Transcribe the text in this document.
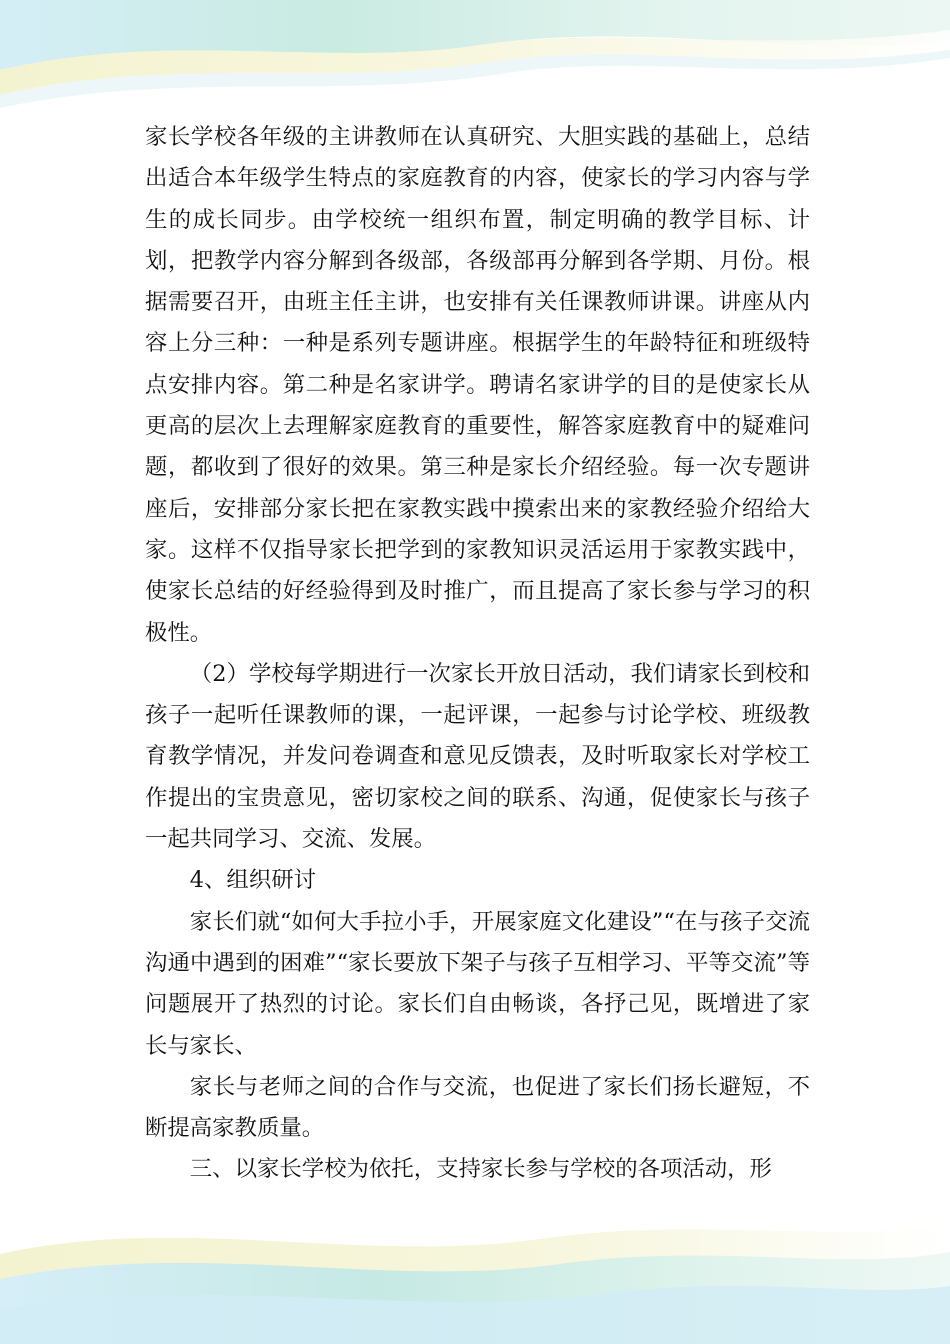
家长学校各年级的主讲教师在认真研究、大胆实践的基础上，总结出适合本年级学生特点的家庭教育的内容，使家长的学习内容与学生的成长同步。由学校统一组织布置，制定明确的教学目标、计划，把教学内容分解到各级部，各级部再分解到各学期、月份。根据需要召开，由班主任主讲，也安排有关任课教师讲课。讲座从内容上分三种：一种是系列专题讲座。根据学生的年龄特征和班级特点安排内容。第二种是名家讲学。聘请名家讲学的目的是使家长从更高的层次上去理解家庭教育的重要性，解答家庭教育中的疑难问题，都收到了很好的效果。第三种是家长介绍经验。每一次专题讲座后，安排部分家长把在家教实践中摸索出来的家教经验介绍给大家。这样不仅指导家长把学到的家教知识灵活运用于家教实践中，使家长总结的好经验得到及时推广，而且提高了家长参与学习的积极性。

（2）学校每学期进行一次家长开放日活动，我们请家长到校和孩子一起听任课教师的课，一起评课，一起参与讨论学校、班级教育教学情况，并发问卷调查和意见反馈表，及时听取家长对学校工作提出的宝贵意见，密切家校之间的联系、沟通，促使家长与孩子一起共同学习、交流、发展。

4、组织研讨

家长们就“如何大手拉小手，开展家庭文化建设”“在与孩子交流沟通中遇到的困难”“家长要放下架子与孩子互相学习、平等交流”等问题展开了热烈的讨论。家长们自由畅谈，各抒己见，既增进了家长与家长、

家长与老师之间的合作与交流，也促进了家长们扬长避短，不断提高家教质量。

三、以家长学校为依托，支持家长参与学校的各项活动，形
